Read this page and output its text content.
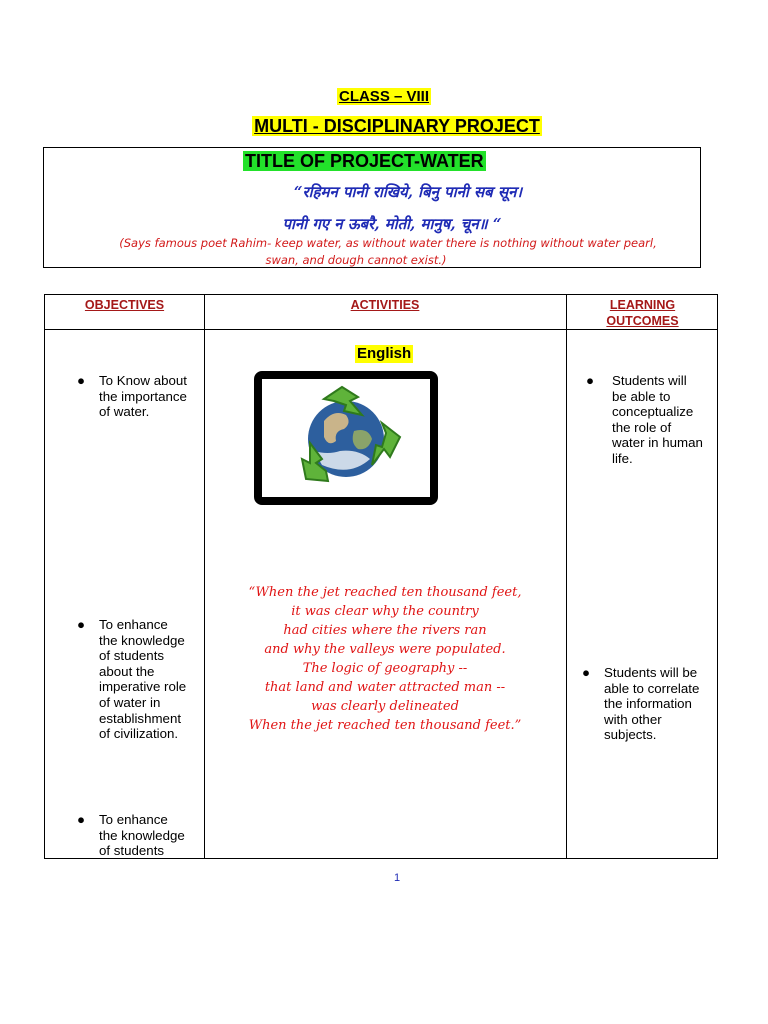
CLASS – VIII
MULTI - DISCIPLINARY PROJECT
TITLE OF PROJECT-WATER
“रहिमन पानी राखिये, बिनु पानी सब सून।
पानी गए न ऊबरै, मोती, मानुष, चून॥ “
(Says famous poet Rahim- keep water, as without water there is nothing without water pearl,
swan, and dough cannot exist.)
OBJECTIVES	ACTIVITIES	LEARNING
OUTCOMES
● To Know about
the importance
of water.
● To enhance
the knowledge
of students
about the
imperative role
of water in
establishment
of civilization.
● To enhance
the knowledge
of students
English
“When the jet reached ten thousand feet,
it was clear why the country
had cities where the rivers ran
and why the valleys were populated.
The logic of geography --
that land and water attracted man --
was clearly delineated
When the jet reached ten thousand feet.”
● Students will
be able to
conceptualize
the role of
water in human
life.
● Students will be
able to correlate
the information
with other
subjects.
1
